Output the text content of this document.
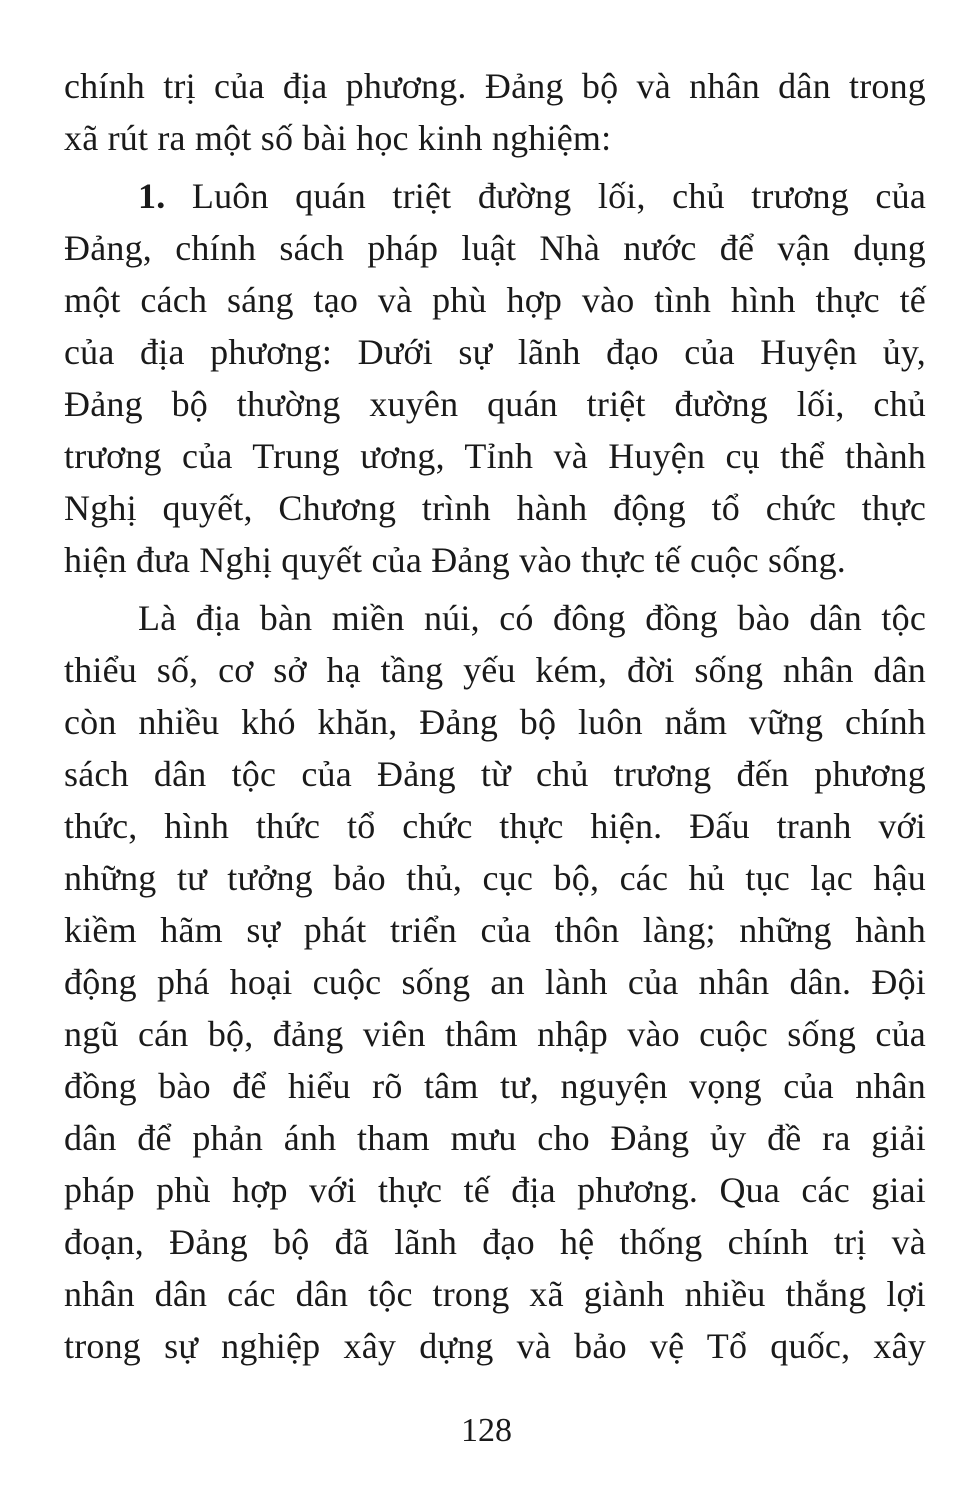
chính trị của địa phương. Đảng bộ và nhân dân trong
xã rút ra một số bài học kinh nghiệm:
1. Luôn quán triệt đường lối, chủ trương của
Đảng, chính sách pháp luật Nhà nước để vận dụng
một cách sáng tạo và phù hợp vào tình hình thực tế
của địa phương: Dưới sự lãnh đạo của Huyện ủy,
Đảng bộ thường xuyên quán triệt đường lối, chủ
trương của Trung ương, Tỉnh và Huyện cụ thể thành
Nghị quyết, Chương trình hành động tổ chức thực
hiện đưa Nghị quyết của Đảng vào thực tế cuộc sống.
Là địa bàn miền núi, có đông đồng bào dân tộc
thiểu số, cơ sở hạ tầng yếu kém, đời sống nhân dân
còn nhiều khó khăn, Đảng bộ luôn nắm vững chính
sách dân tộc của Đảng từ chủ trương đến phương
thức, hình thức tổ chức thực hiện. Đấu tranh với
những tư tưởng bảo thủ, cục bộ, các hủ tục lạc hậu
kiềm hãm sự phát triển của thôn làng; những hành
động phá hoại cuộc sống an lành của nhân dân. Đội
ngũ cán bộ, đảng viên thâm nhập vào cuộc sống của
đồng bào để hiểu rõ tâm tư, nguyện vọng của nhân
dân để phản ánh tham mưu cho Đảng ủy đề ra giải
pháp phù hợp với thực tế địa phương. Qua các giai
đoạn, Đảng bộ đã lãnh đạo hệ thống chính trị và
nhân dân các dân tộc trong xã giành nhiều thắng lợi
trong sự nghiệp xây dựng và bảo vệ Tổ quốc, xây
128
